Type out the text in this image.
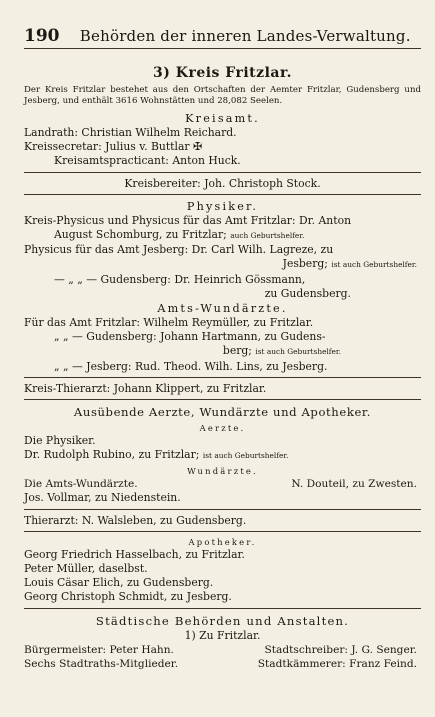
190	Behörden der inneren Landes-Verwaltung.
3) Kreis Fritzlar.
Der Kreis Fritzlar bestehet aus den Ortschaften der Aemter Fritzlar, Gudensberg und Jesberg, und enthält 3616 Wohnstätten und 28,082 Seelen.
Kreisamt.
Landrath: Christian Wilhelm Reichard.
Kreissecretar: Julius v. Buttlar ✠
Kreisamtspracticant: Anton Huck.
Kreisbereiter: Joh. Christoph Stock.
Physiker.
Kreis-Physicus und Physicus für das Amt Fritzlar: Dr. Anton
August Schomburg, zu Fritzlar; auch Geburtshelfer.
Physicus für das Amt Jesberg: Dr. Carl Wilh. Lagreze, zu
Jesberg; ist auch Geburtshelfer.
— „ „ — Gudensberg: Dr. Heinrich Gössmann,
zu Gudensberg.
Amts-Wundärzte.
Für das Amt Fritzlar: Wilhelm Reymüller, zu Fritzlar.
„ „ — Gudensberg: Johann Hartmann, zu Gudens-
berg; ist auch Geburtshelfer.
„ „ — Jesberg: Rud. Theod. Wilh. Lins, zu Jesberg.
Kreis-Thierarzt: Johann Klippert, zu Fritzlar.
Ausübende Aerzte, Wundärzte und Apotheker.
Aerzte.
Die Physiker.
Dr. Rudolph Rubino, zu Fritzlar; ist auch Geburtshelfer.
Wundärzte.
Die Amts-Wundärzte.	N. Douteil, zu Zwesten.
Jos. Vollmar, zu Niedenstein.
Thierarzt: N. Walsleben, zu Gudensberg.
Apotheker.
Georg Friedrich Hasselbach, zu Fritzlar.
Peter Müller, daselbst.
Louis Cäsar Elich, zu Gudensberg.
Georg Christoph Schmidt, zu Jesberg.
Städtische Behörden und Anstalten.
1) Zu Fritzlar.
Bürgermeister: Peter Hahn.	Stadtschreiber: J. G. Senger.
Sechs Stadtraths-Mitglieder.	Stadtkämmerer: Franz Feind.
